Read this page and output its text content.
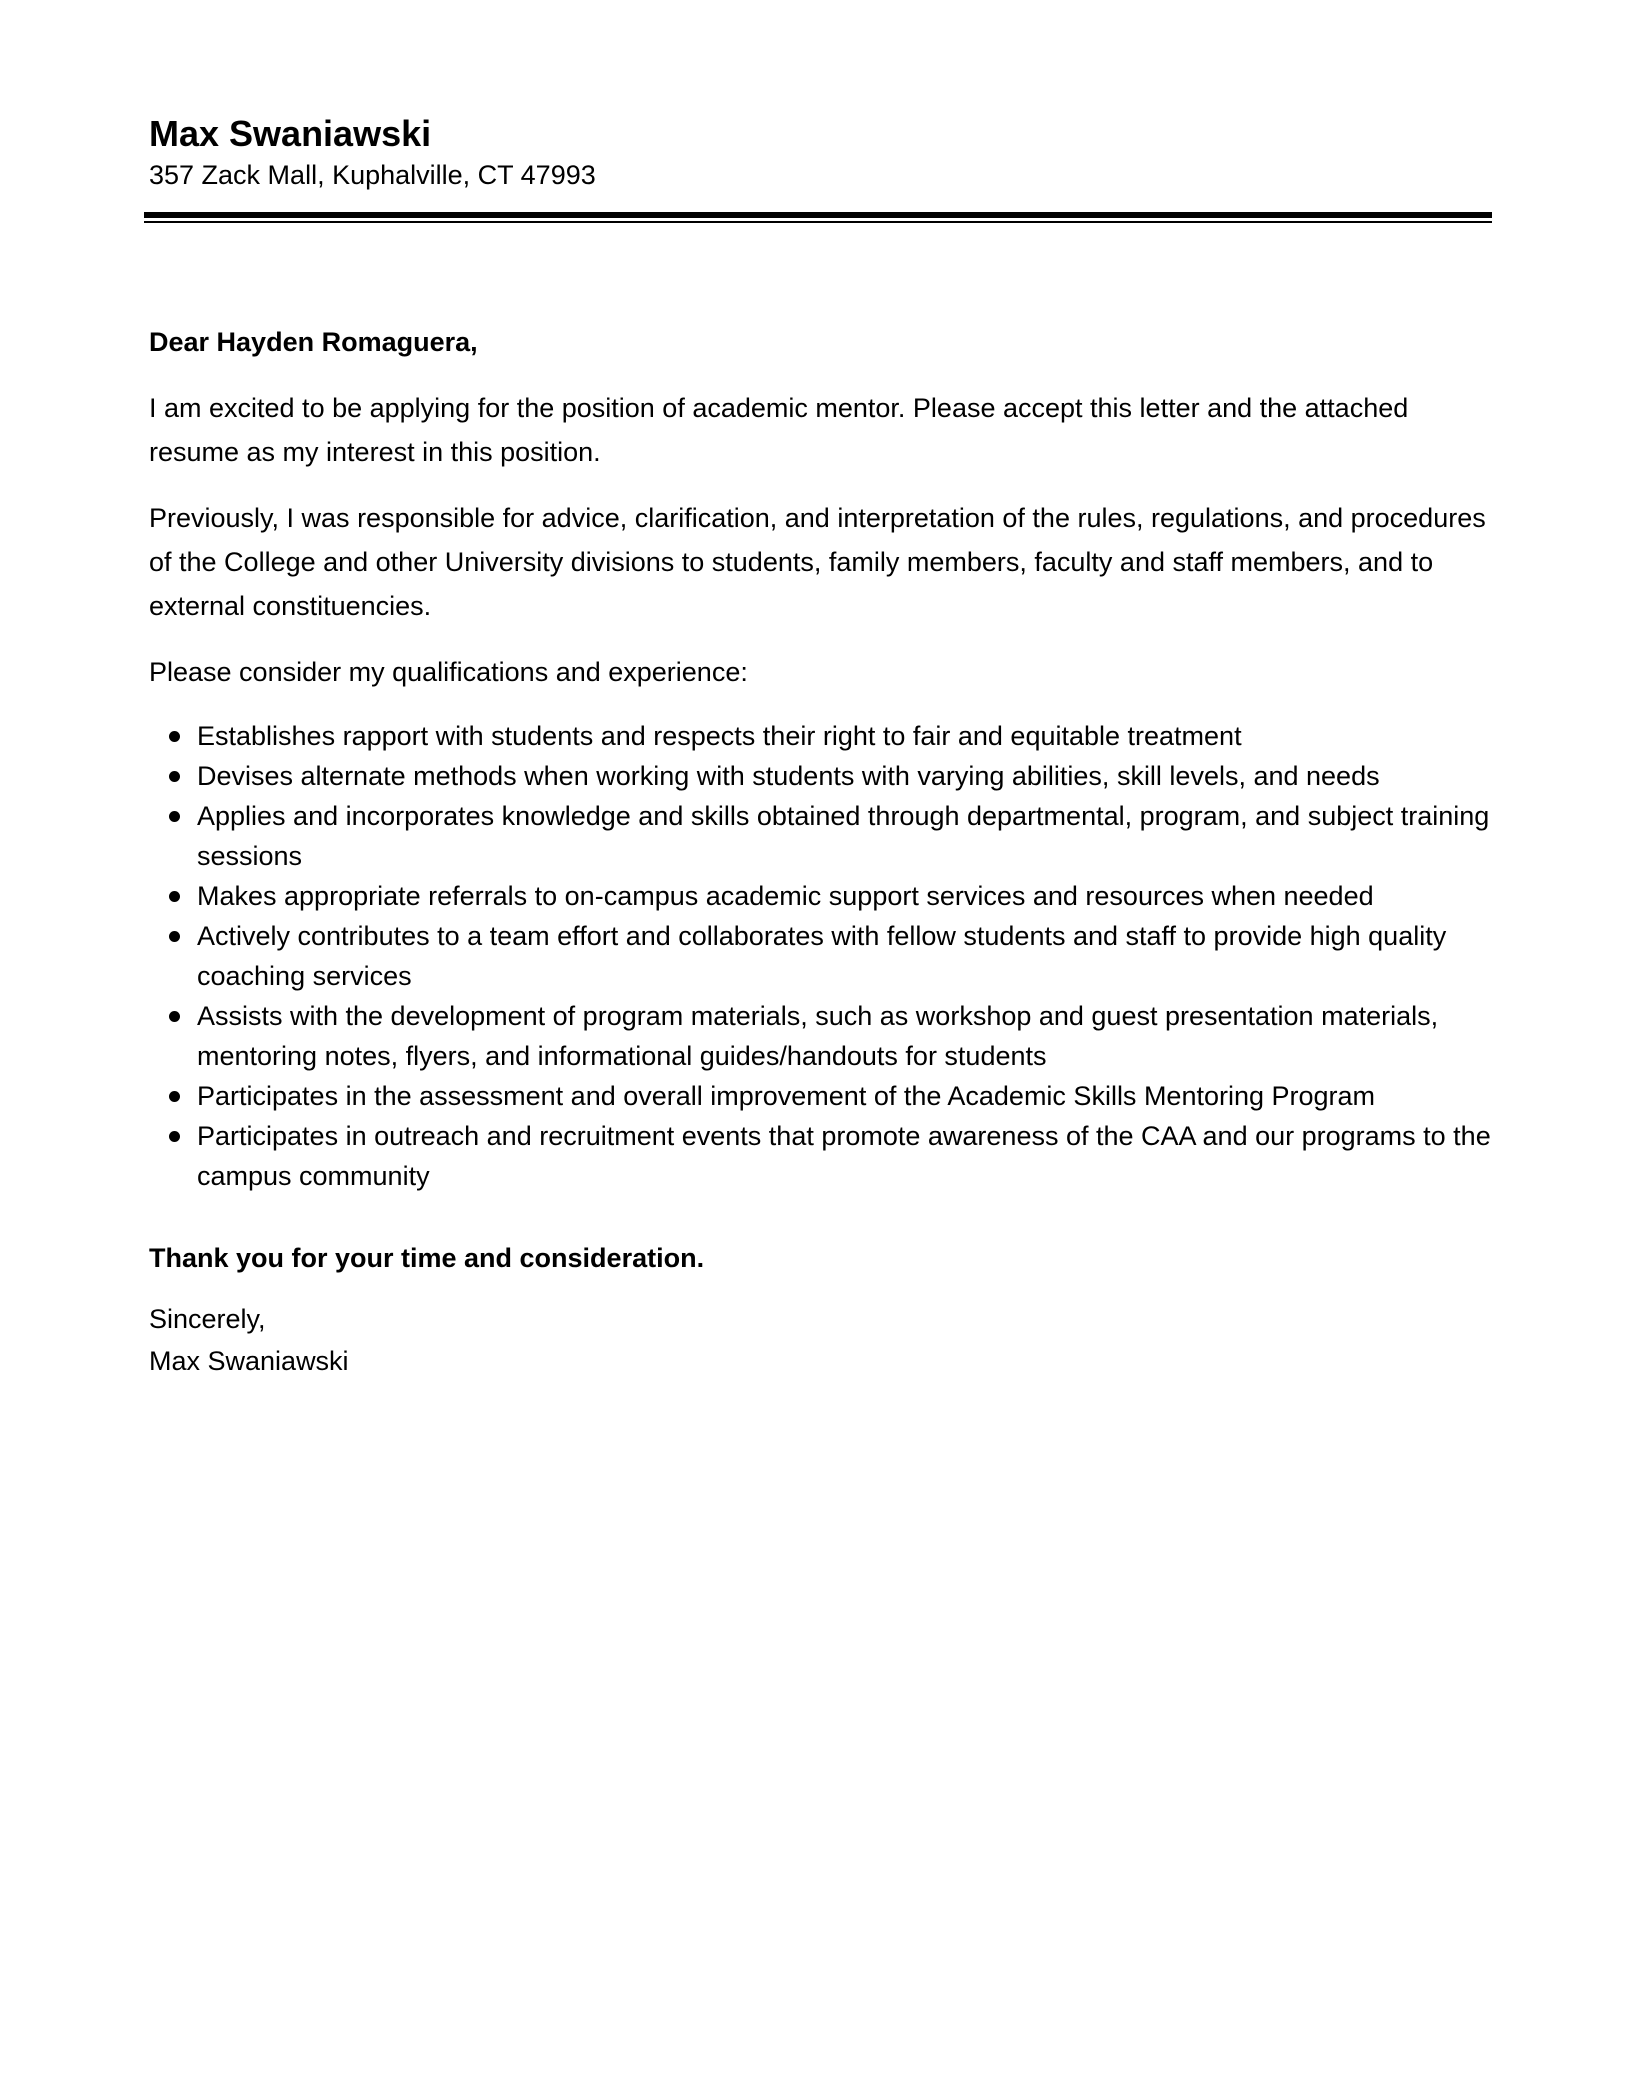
Max Swaniawski

357 Zack Mall, Kuphalville, CT 47993

Dear Hayden Romaguera,

I am excited to be applying for the position of academic mentor. Please accept this letter and the attached resume as my interest in this position.

Previously, I was responsible for advice, clarification, and interpretation of the rules, regulations, and procedures of the College and other University divisions to students, family members, faculty and staff members, and to external constituencies.

Please consider my qualifications and experience:

Establishes rapport with students and respects their right to fair and equitable treatment
Devises alternate methods when working with students with varying abilities, skill levels, and needs
Applies and incorporates knowledge and skills obtained through departmental, program, and subject training sessions
Makes appropriate referrals to on-campus academic support services and resources when needed
Actively contributes to a team effort and collaborates with fellow students and staff to provide high quality coaching services
Assists with the development of program materials, such as workshop and guest presentation materials, mentoring notes, flyers, and informational guides/handouts for students
Participates in the assessment and overall improvement of the Academic Skills Mentoring Program
Participates in outreach and recruitment events that promote awareness of the CAA and our programs to the campus community

Thank you for your time and consideration.

Sincerely,

Max Swaniawski
